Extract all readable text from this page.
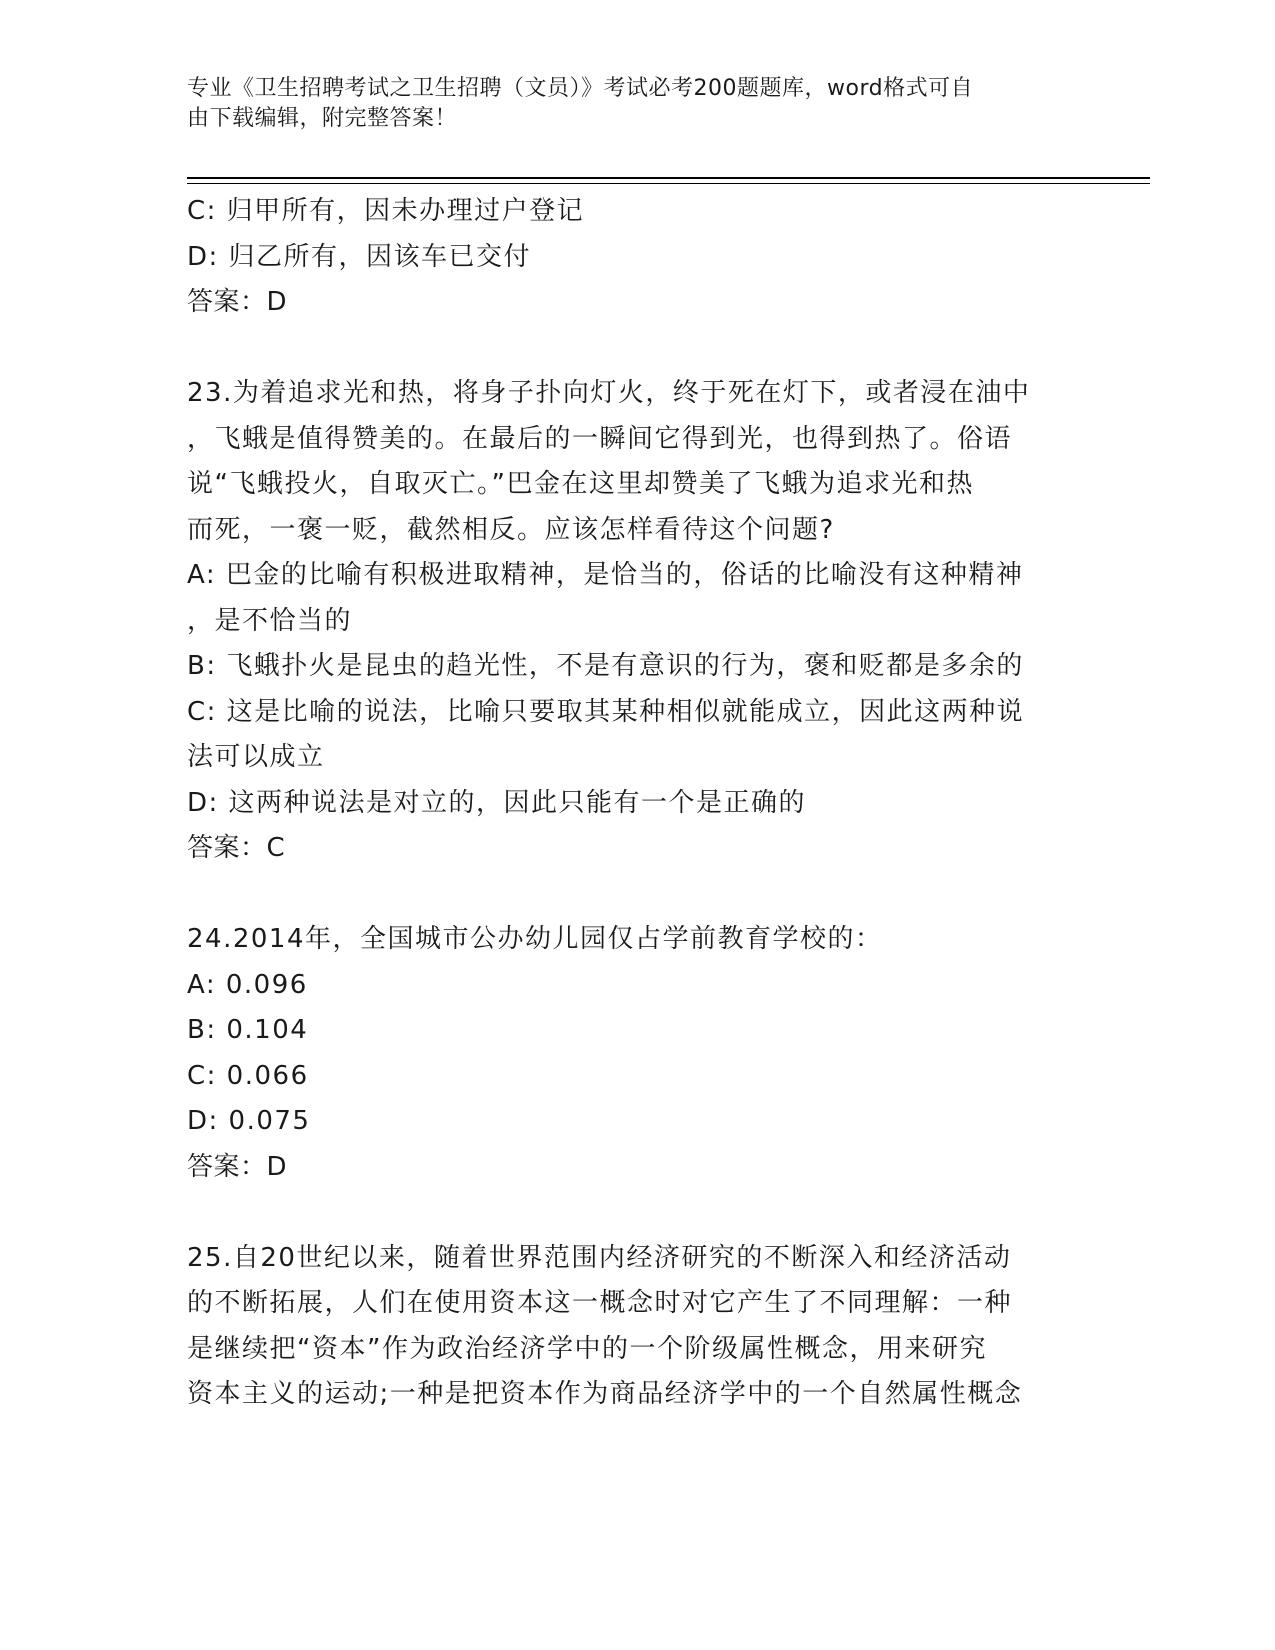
专业《卫生招聘考试之卫生招聘（文员）》考试必考200题题库，word格式可自
由下载编辑，附完整答案！
C: 归甲所有，因未办理过户登记
D: 归乙所有，因该车已交付
答案：D
23.为着追求光和热，将身子扑向灯火，终于死在灯下，或者浸在油中
，飞蛾是值得赞美的。在最后的一瞬间它得到光，也得到热了。俗语
说“飞蛾投火，自取灭亡。”巴金在这里却赞美了飞蛾为追求光和热
而死，一褒一贬，截然相反。应该怎样看待这个问题?
A: 巴金的比喻有积极进取精神，是恰当的，俗话的比喻没有这种精神
，是不恰当的
B: 飞蛾扑火是昆虫的趋光性，不是有意识的行为，褒和贬都是多余的
C: 这是比喻的说法，比喻只要取其某种相似就能成立，因此这两种说
法可以成立
D: 这两种说法是对立的，因此只能有一个是正确的
答案：C
24.2014年，全国城市公办幼儿园仅占学前教育学校的：
A: 0.096
B: 0.104
C: 0.066
D: 0.075
答案：D
25.自20世纪以来，随着世界范围内经济研究的不断深入和经济活动
的不断拓展，人们在使用资本这一概念时对它产生了不同理解：一种
是继续把“资本”作为政治经济学中的一个阶级属性概念，用来研究
资本主义的运动;一种是把资本作为商品经济学中的一个自然属性概念
